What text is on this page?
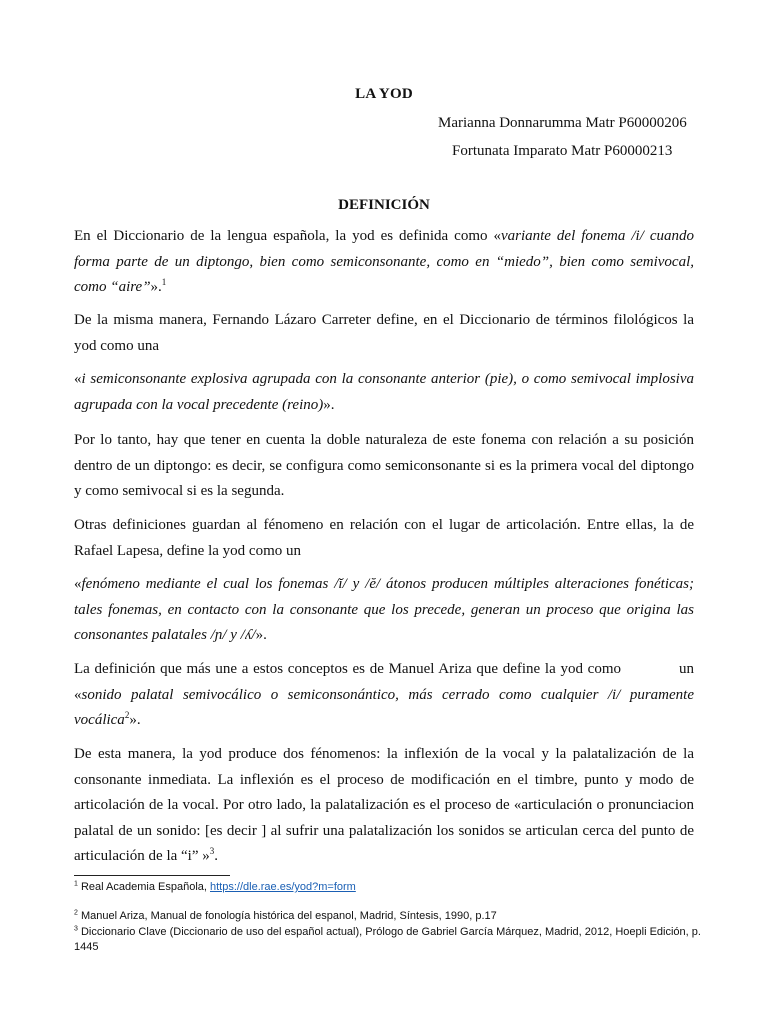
LA YOD
Marianna Donnarumma Matr P60000206
Fortunata Imparato Matr P60000213
DEFINICIÓN

En el Diccionario de la lengua española, la yod es definida como «variante del fonema /i/ cuando forma parte de un diptongo, bien como semiconsonante, como en “miedo”, bien como semivocal, como “aire”».$^1$

De la misma manera, Fernando Lázaro Carreter define, en el Diccionario de términos filológicos la yod como una

«i semiconsonante explosiva agrupada con la consonante anterior (pie), o como semivocal implosiva agrupada con la vocal precedente (reino)».

Por lo tanto, hay que tener en cuenta la doble naturaleza de este fonema con relación a su posición dentro de un diptongo: es decir, se configura como semiconsonante si es la primera vocal del diptongo y como semivocal si es la segunda.

Otras definiciones guardan al fénomeno en relación con el lugar de articolación. Entre ellas, la de Rafael Lapesa, define la yod como un

«fenómeno mediante el cual los fonemas /ĭ/ y /ĕ/ átonos producen múltiples alteraciones fonéticas; tales fonemas, en contacto con la consonante que los precede, generan un proceso que origina las consonantes palatales /ɲ/ y /ʎ/».

La definición que más une a estos conceptos es de Manuel Ariza que define la yod como	un «sonido palatal semivocálico o semiconsonántico, más cerrado como cualquier /i/ puramente vocálica$^2$».

De esta manera, la yod produce dos fénomenos: la inflexión de la vocal y la palatalización de la consonante inmediata. La inflexión es el proceso de modificación en el timbre, punto y modo de articolación de la vocal. Por otro lado, la palatalización es el proceso de «articulación o pronunciacion palatal de un sonido: [es decir ] al sufrir una palatalización los sonidos se articulan cerca del punto de articulación de la “i” »$^3$.

$^1$ Real Academia Española, https://dle.rae.es/yod?m=form

$^2$ Manuel Ariza, Manual de fonología histórica del espanol, Madrid, Síntesis, 1990, p.17

$^3$ Diccionario Clave (Diccionario de uso del español actual), Prólogo de Gabriel García Márquez, Madrid, 2012, Hoepli Edición, p. 1445
